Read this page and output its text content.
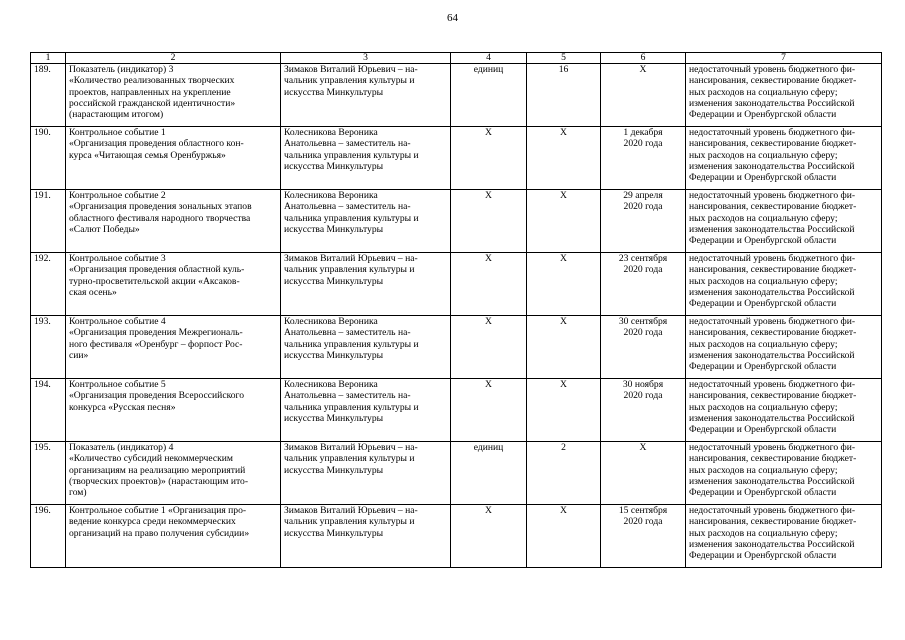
64
1	2	3	4	5	6	7
189.	Показатель (индикатор) 3
«Количество реализованных творческих
проектов, направленных на укрепление
российской гражданской идентичности»
(нарастающим итогом)	Зимаков Виталий Юрьевич – на-
чальник управления культуры и
искусства Минкультуры	единиц	16	X	недостаточный уровень бюджетного фи-
нансирования, секвестирование бюджет-
ных расходов на социальную сферу;
изменения законодательства Российской
Федерации и Оренбургской области

190.	Контрольное событие 1
«Организация проведения областного кон-
курса «Читающая семья Оренбуржья»	Колесникова Вероника
Анатольевна – заместитель на-
чальника управления культуры и
искусства Минкультуры	X	X	1 декабря
2020 года	недостаточный уровень бюджетного фи-
нансирования, секвестирование бюджет-
ных расходов на социальную сферу;
изменения законодательства Российской
Федерации и Оренбургской области

191.	Контрольное событие 2
«Организация проведения зональных этапов
областного фестиваля народного творчества
«Салют Победы»	Колесникова Вероника
Анатольевна – заместитель на-
чальника управления культуры и
искусства Минкультуры	X	X	29 апреля
2020 года	недостаточный уровень бюджетного фи-
нансирования, секвестирование бюджет-
ных расходов на социальную сферу;
изменения законодательства Российской
Федерации и Оренбургской области

192.	Контрольное событие 3
«Организация проведения областной куль-
турно-просветительской акции «Аксаков-
ская осень»	Зимаков Виталий Юрьевич – на-
чальник управления культуры и
искусства Минкультуры	X	X	23 сентября
2020 года	недостаточный уровень бюджетного фи-
нансирования, секвестирование бюджет-
ных расходов на социальную сферу;
изменения законодательства Российской
Федерации и Оренбургской области

193.	Контрольное событие 4
«Организация проведения Межрегиональ-
ного фестиваля «Оренбург – форпост Рос-
сии»	Колесникова Вероника
Анатольевна – заместитель на-
чальника управления культуры и
искусства Минкультуры	X	X	30 сентября
2020 года	недостаточный уровень бюджетного фи-
нансирования, секвестирование бюджет-
ных расходов на социальную сферу;
изменения законодательства Российской
Федерации и Оренбургской области

194.	Контрольное событие 5
«Организация проведения Всероссийского
конкурса «Русская песня»	Колесникова Вероника
Анатольевна – заместитель на-
чальника управления культуры и
искусства Минкультуры	X	X	30 ноября
2020 года	недостаточный уровень бюджетного фи-
нансирования, секвестирование бюджет-
ных расходов на социальную сферу;
изменения законодательства Российской
Федерации и Оренбургской области

195.	Показатель (индикатор) 4
«Количество субсидий некоммерческим
организациям на реализацию мероприятий
(творческих проектов)» (нарастающим ито-
гом)	Зимаков Виталий Юрьевич – на-
чальник управления культуры и
искусства Минкультуры	единиц	2	X	недостаточный уровень бюджетного фи-
нансирования, секвестирование бюджет-
ных расходов на социальную сферу;
изменения законодательства Российской
Федерации и Оренбургской области

196.	Контрольное событие 1 «Организация про-
ведение конкурса среди некоммерческих
организаций на право получения субсидии»	Зимаков Виталий Юрьевич – на-
чальник управления культуры и
искусства Минкультуры	X	X	15 сентября
2020 года	недостаточный уровень бюджетного фи-
нансирования, секвестирование бюджет-
ных расходов на социальную сферу;
изменения законодательства Российской
Федерации и Оренбургской области
